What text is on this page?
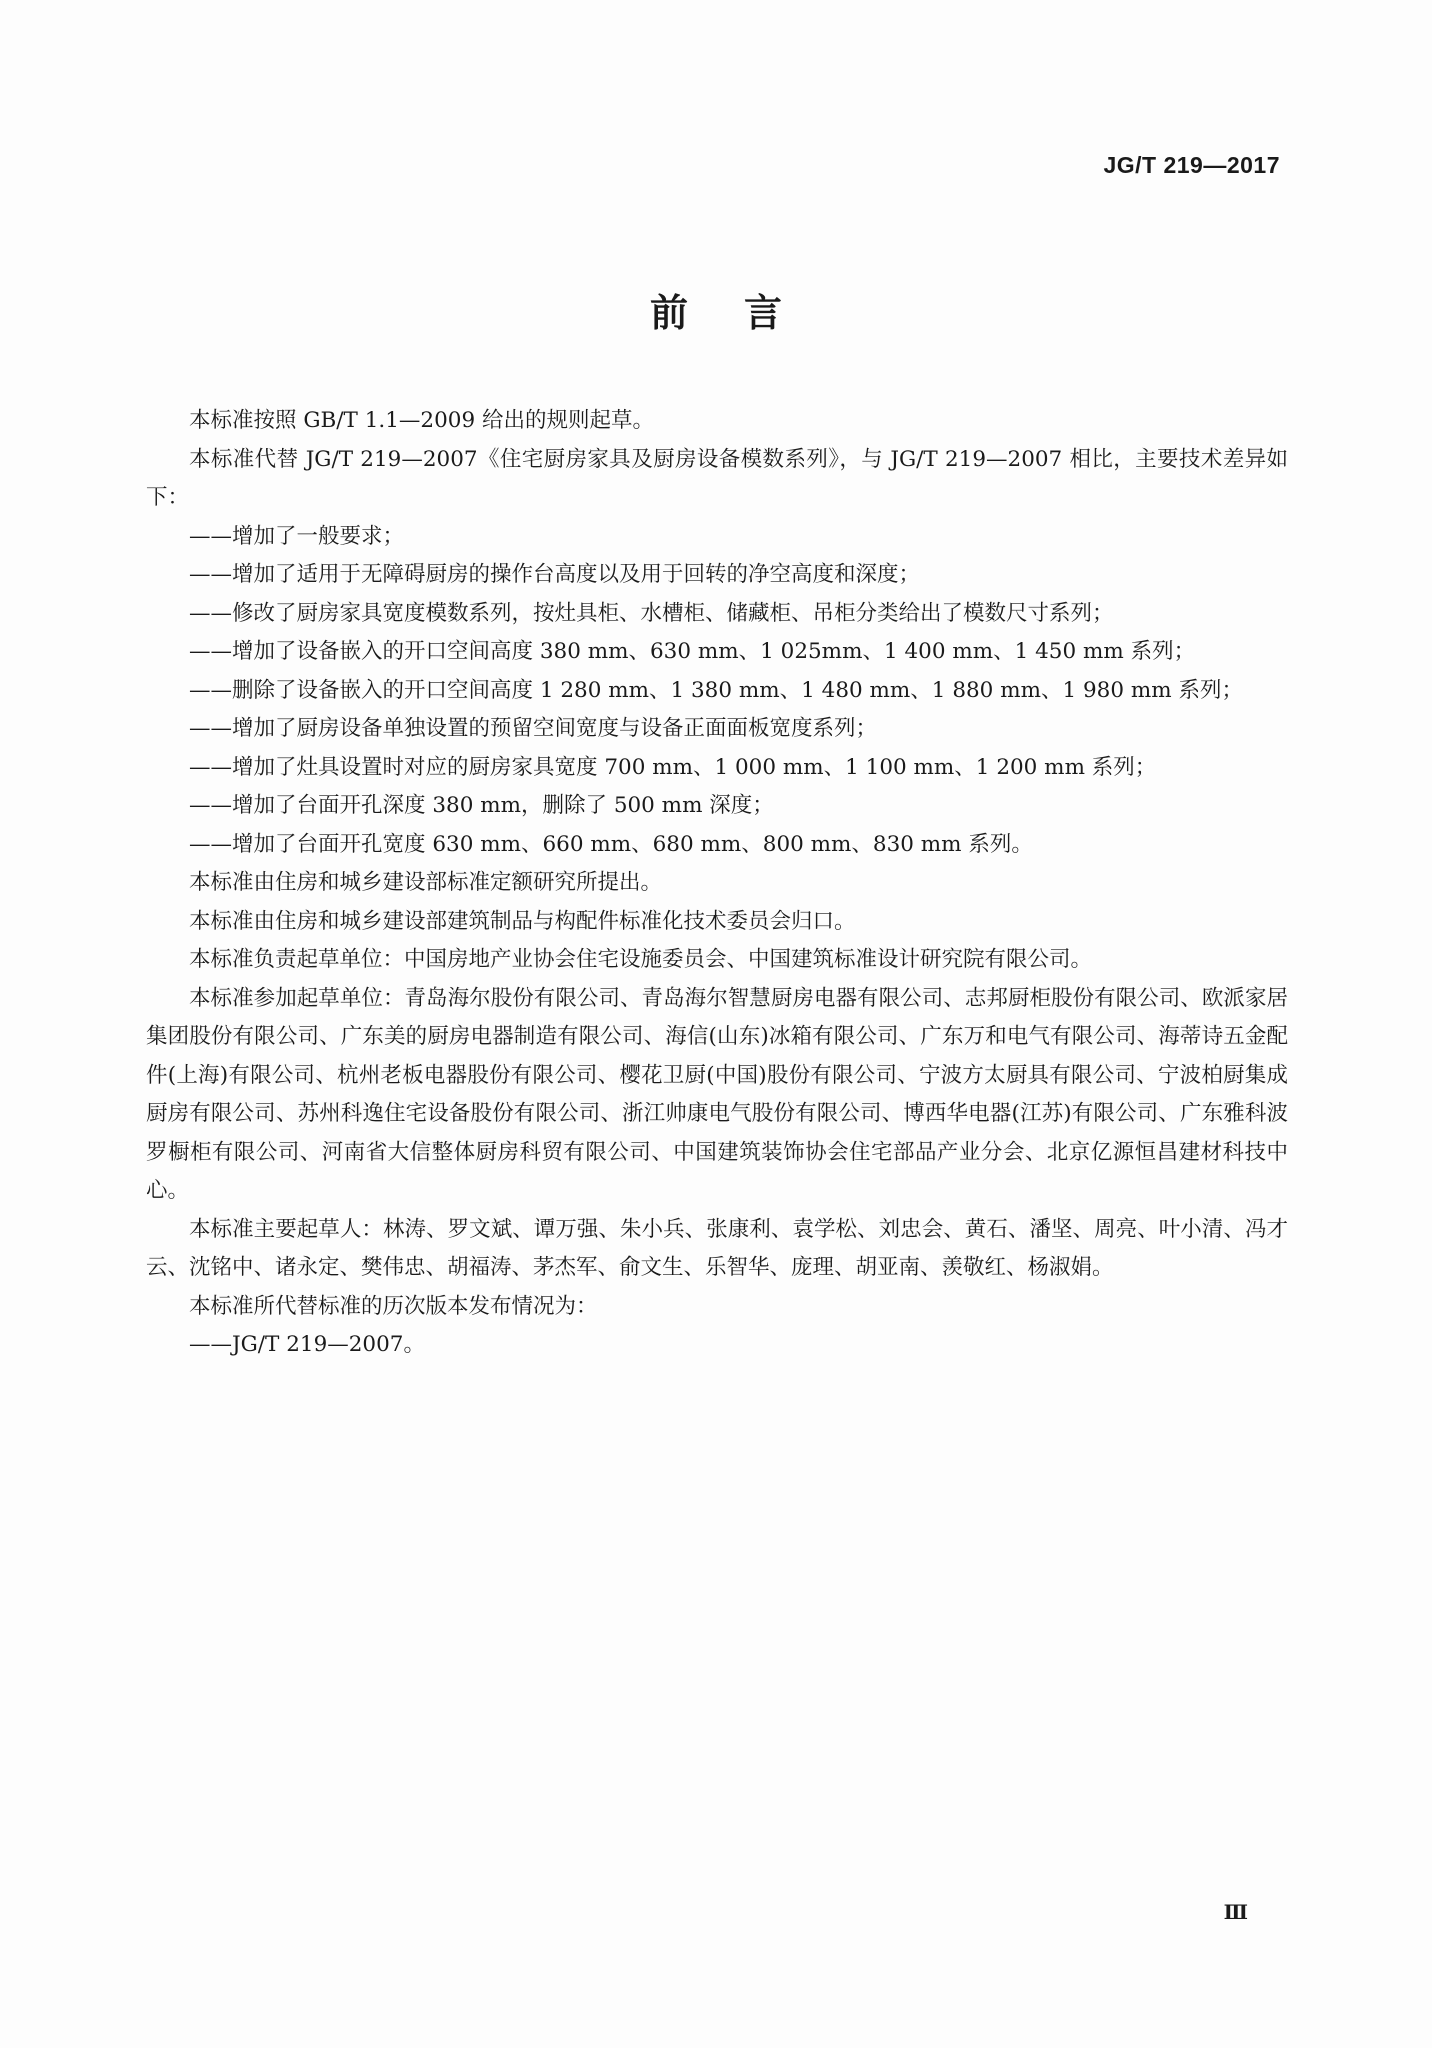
JG/T 219—2017
前言

本标准按照 GB/T 1.1—2009 给出的规则起草。

本标准代替 JG/T 219—2007《住宅厨房家具及厨房设备模数系列》，与 JG/T 219—2007 相比，主要技术差异如下：

——增加了一般要求；

——增加了适用于无障碍厨房的操作台高度以及用于回转的净空高度和深度；

——修改了厨房家具宽度模数系列，按灶具柜、水槽柜、储藏柜、吊柜分类给出了模数尺寸系列；

——增加了设备嵌入的开口空间高度 380 mm、630 mm、1 025mm、1 400 mm、1 450 mm 系列；

——删除了设备嵌入的开口空间高度 1 280 mm、1 380 mm、1 480 mm、1 880 mm、1 980 mm 系列；

——增加了厨房设备单独设置的预留空间宽度与设备正面面板宽度系列；

——增加了灶具设置时对应的厨房家具宽度 700 mm、1 000 mm、1 100 mm、1 200 mm 系列；

——增加了台面开孔深度 380 mm，删除了 500 mm 深度；

——增加了台面开孔宽度 630 mm、660 mm、680 mm、800 mm、830 mm 系列。

本标准由住房和城乡建设部标准定额研究所提出。

本标准由住房和城乡建设部建筑制品与构配件标准化技术委员会归口。

本标准负责起草单位：中国房地产业协会住宅设施委员会、中国建筑标准设计研究院有限公司。

本标准参加起草单位：青岛海尔股份有限公司、青岛海尔智慧厨房电器有限公司、志邦厨柜股份有限公司、欧派家居集团股份有限公司、广东美的厨房电器制造有限公司、海信(山东)冰箱有限公司、广东万和电气有限公司、海蒂诗五金配件(上海)有限公司、杭州老板电器股份有限公司、樱花卫厨(中国)股份有限公司、宁波方太厨具有限公司、宁波柏厨集成厨房有限公司、苏州科逸住宅设备股份有限公司、浙江帅康电气股份有限公司、博西华电器(江苏)有限公司、广东雅科波罗橱柜有限公司、河南省大信整体厨房科贸有限公司、中国建筑装饰协会住宅部品产业分会、北京亿源恒昌建材科技中心。

本标准主要起草人：林涛、罗文斌、谭万强、朱小兵、张康利、袁学松、刘忠会、黄石、潘坚、周亮、叶小清、冯才云、沈铭中、诸永定、樊伟忠、胡福涛、茅杰军、俞文生、乐智华、庞理、胡亚南、羡敬红、杨淑娟。

本标准所代替标准的历次版本发布情况为：

——JG/T 219—2007。

Ⅲ
